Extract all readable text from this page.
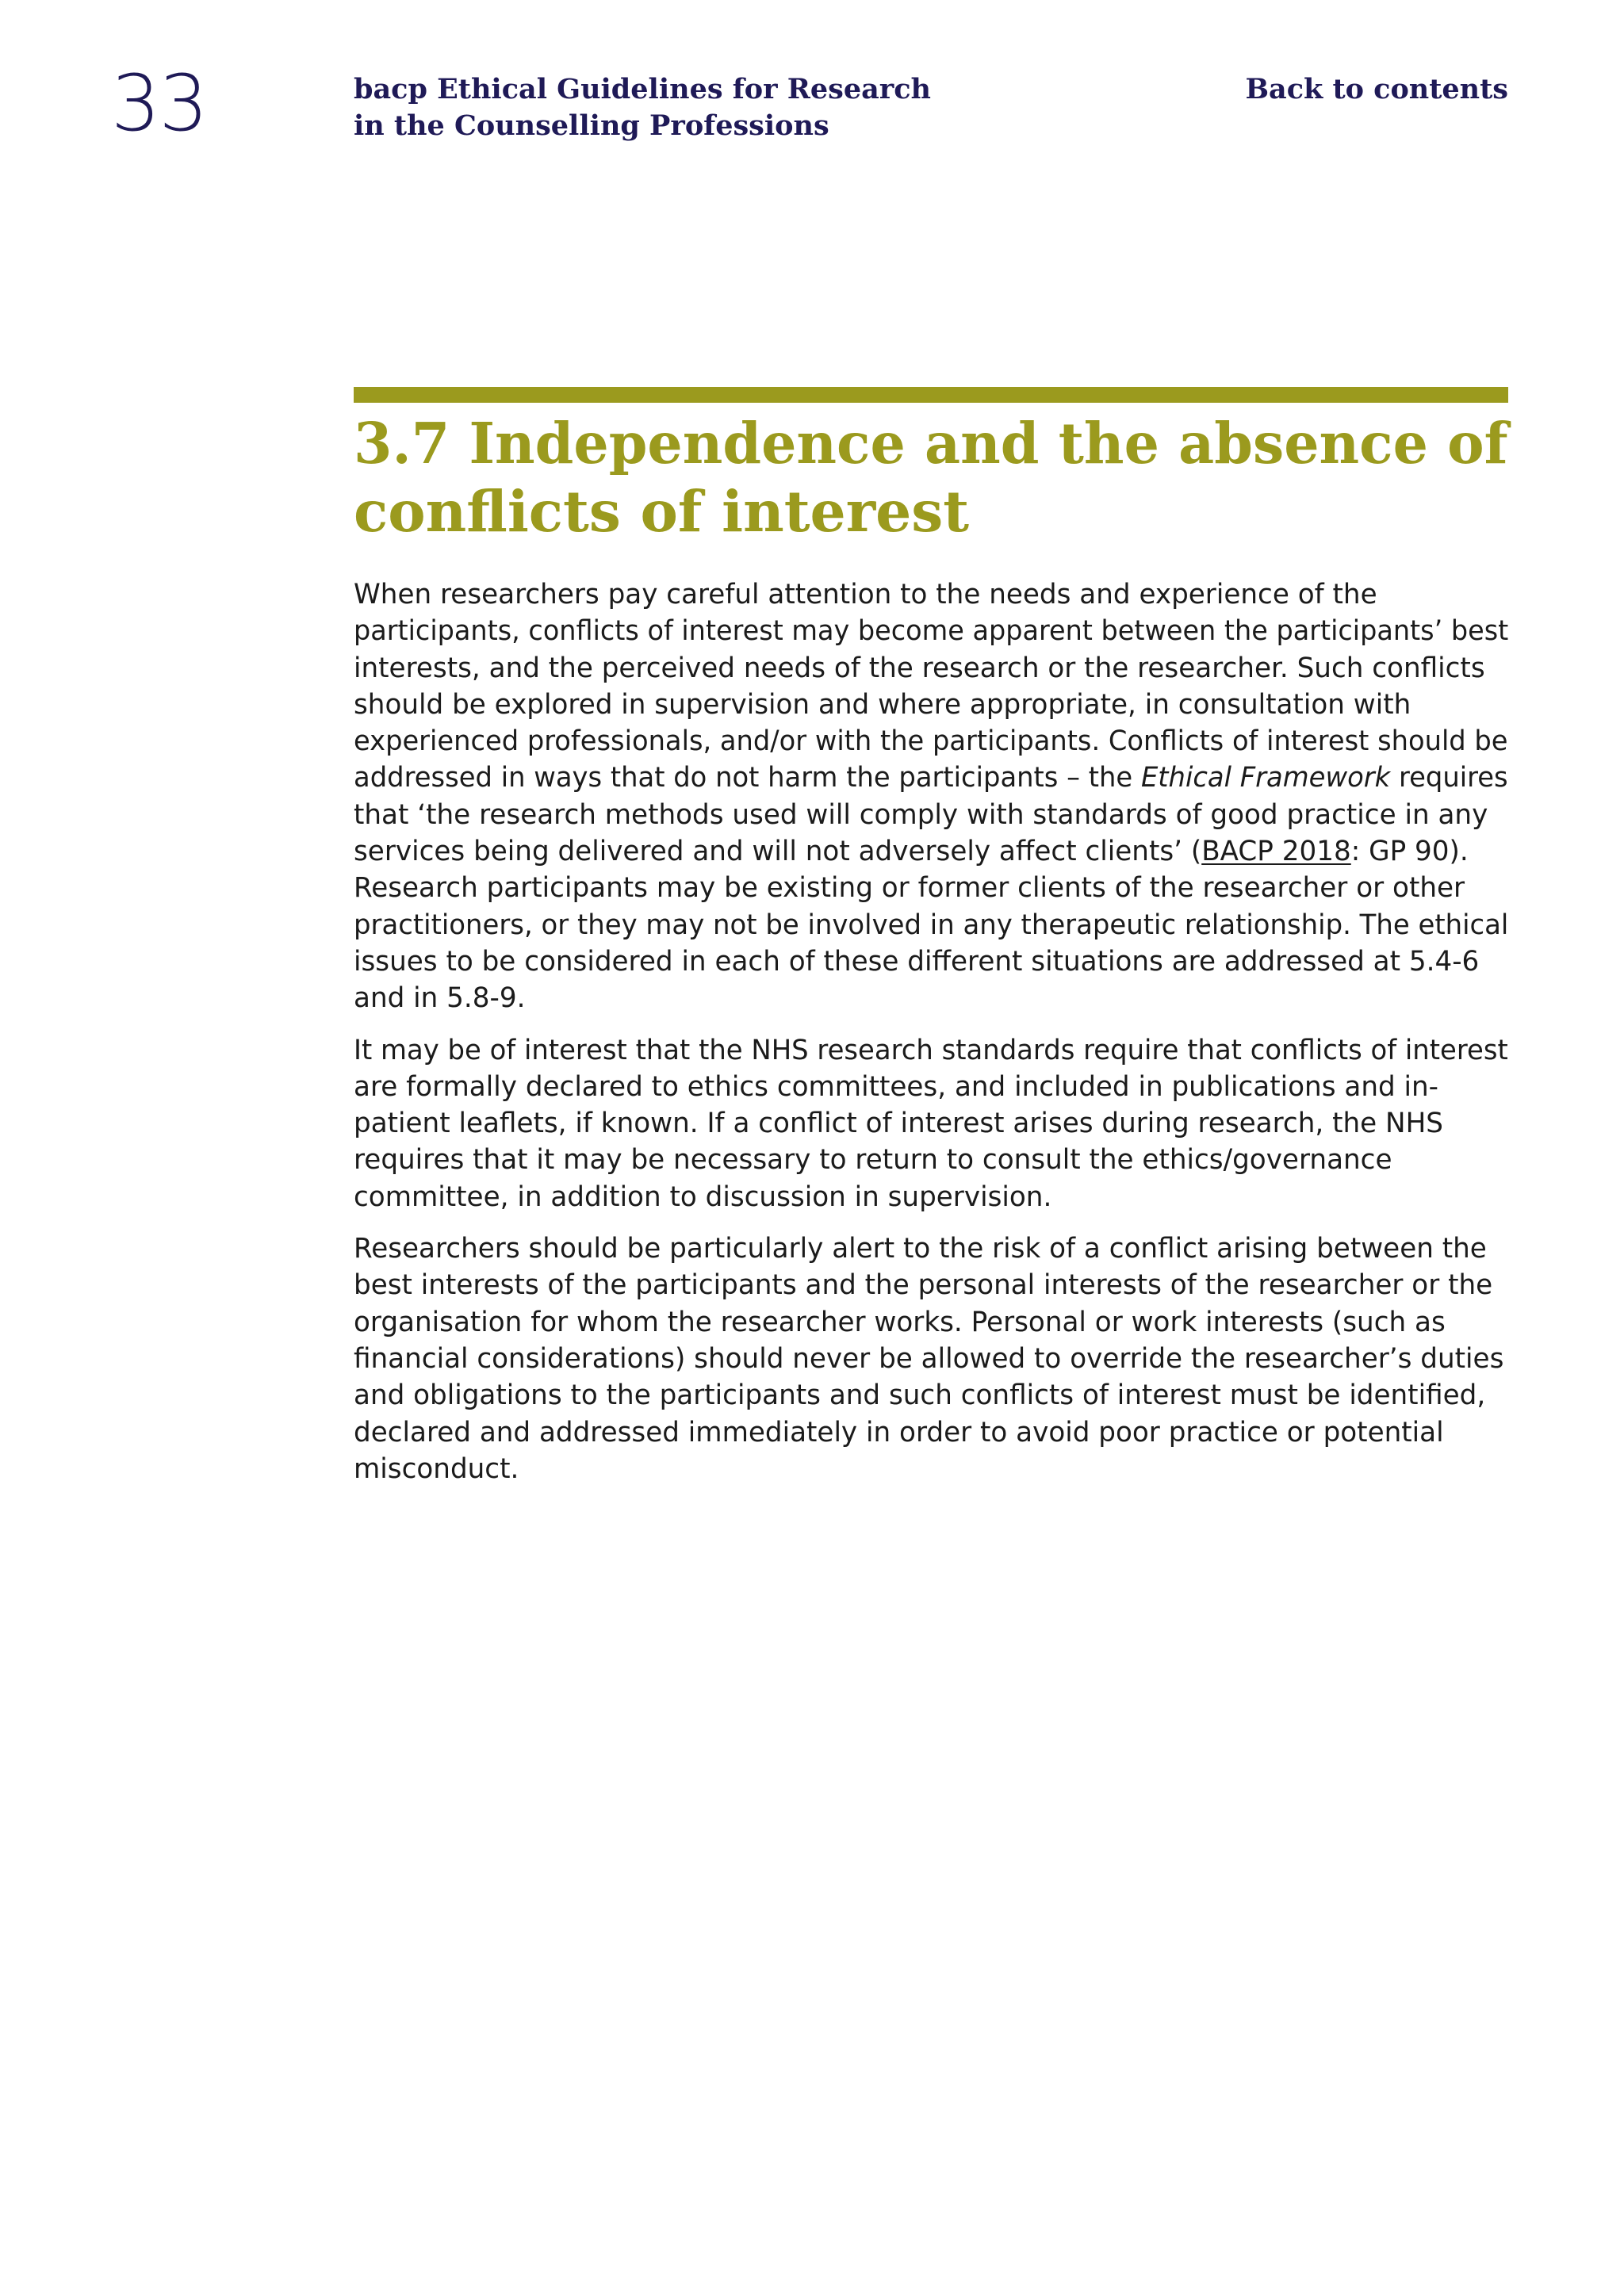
33	bacp Ethical Guidelines for Research
in the Counselling Professions
Back to contents
3.7 Independence and the absence of
conflicts of interest

When researchers pay careful attention to the needs and experience of the
participants, conflicts of interest may become apparent between the participants’ best
interests, and the perceived needs of the research or the researcher. Such conflicts
should be explored in supervision and where appropriate, in consultation with
experienced professionals, and/or with the participants. Conflicts of interest should be
addressed in ways that do not harm the participants – the Ethical Framework requires
that ‘the research methods used will comply with standards of good practice in any
services being delivered and will not adversely affect clients’ (BACP 2018: GP 90).
Research participants may be existing or former clients of the researcher or other
practitioners, or they may not be involved in any therapeutic relationship. The ethical
issues to be considered in each of these different situations are addressed at 5.4-6
and in 5.8-9.

It may be of interest that the NHS research standards require that conflicts of interest
are formally declared to ethics committees, and included in publications and in-
patient leaflets, if known. If a conflict of interest arises during research, the NHS
requires that it may be necessary to return to consult the ethics/governance
committee, in addition to discussion in supervision.

Researchers should be particularly alert to the risk of a conflict arising between the
best interests of the participants and the personal interests of the researcher or the
organisation for whom the researcher works. Personal or work interests (such as
financial considerations) should never be allowed to override the researcher’s duties
and obligations to the participants and such conflicts of interest must be identified,
declared and addressed immediately in order to avoid poor practice or potential
misconduct.
